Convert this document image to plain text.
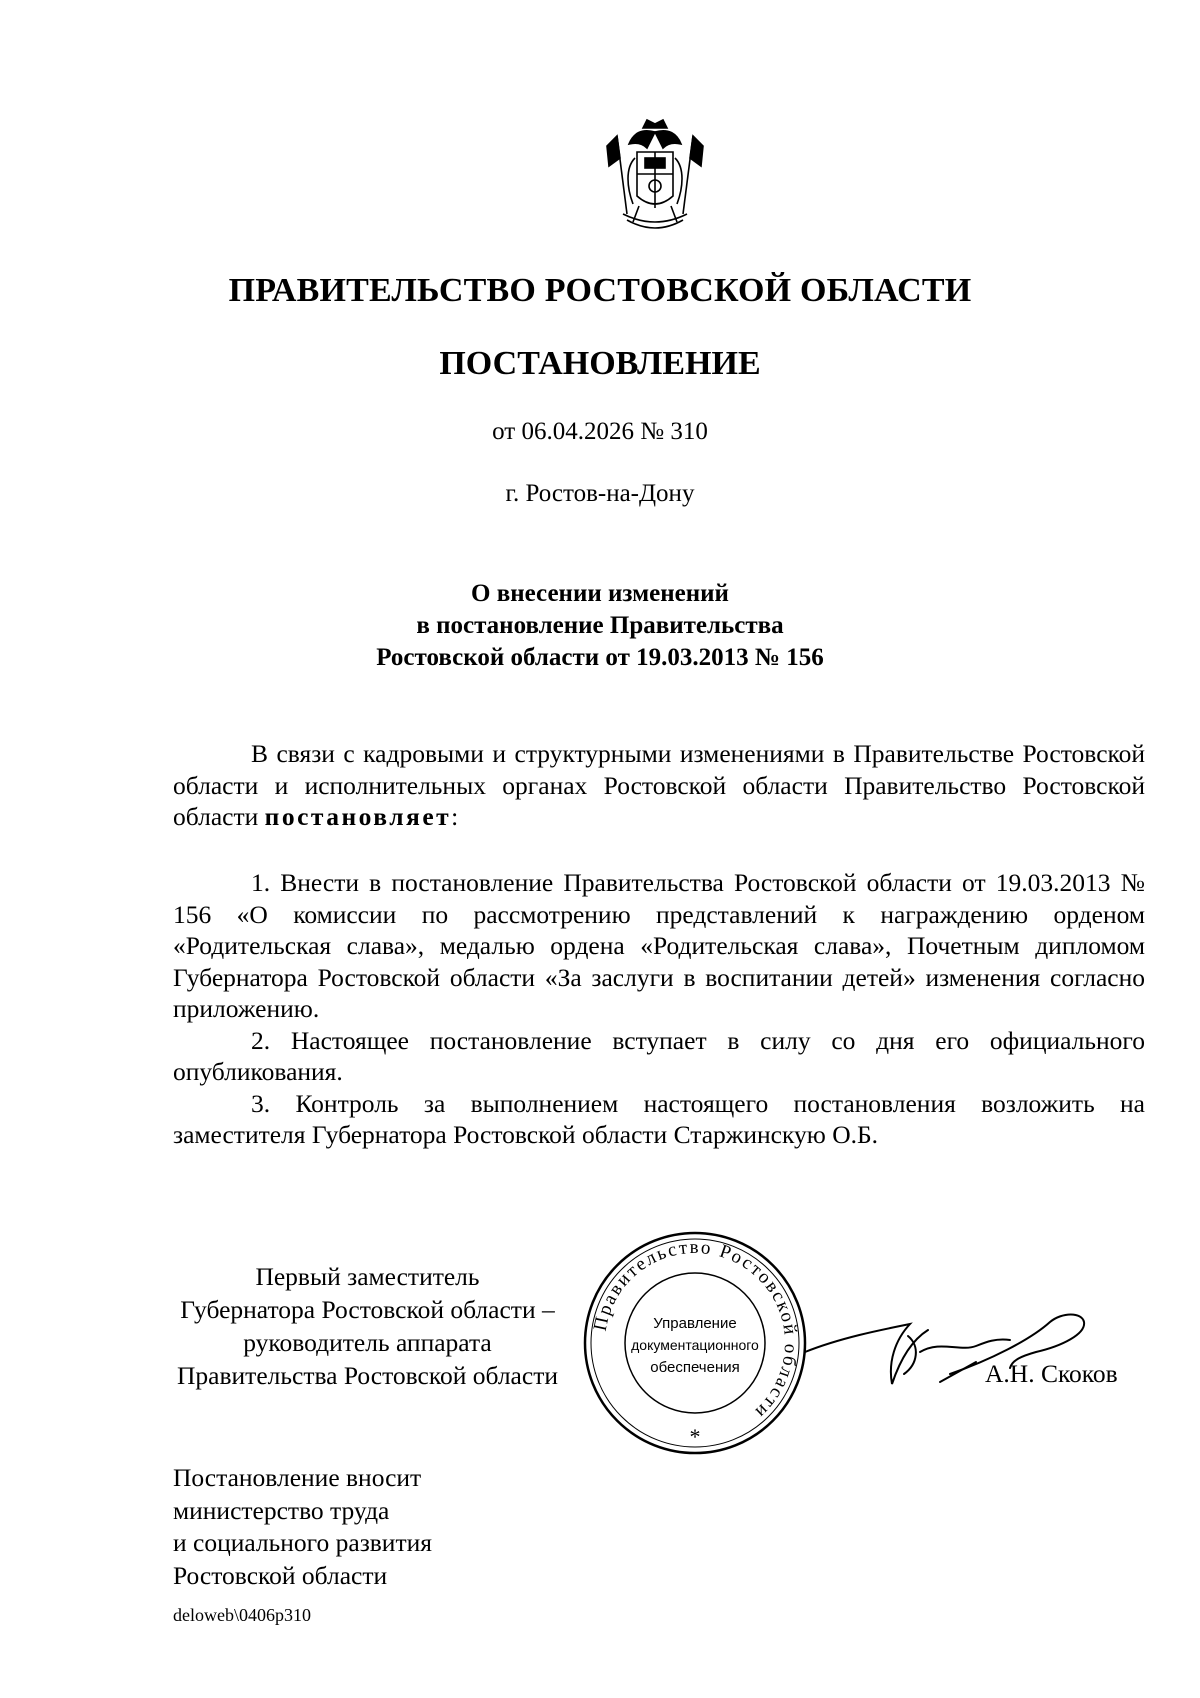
ПРАВИТЕЛЬСТВО РОСТОВСКОЙ ОБЛАСТИ
ПОСТАНОВЛЕНИЕ
от 06.04.2026 № 310
г. Ростов-на-Дону
О внесении изменений
в постановление Правительства
Ростовской области от 19.03.2013 № 156

В связи с кадровыми и структурными изменениями в Правительстве Ростовской области и исполнительных органах Ростовской области Правительство Ростовской области постановляет:

1. Внести в постановление Правительства Ростовской области от 19.03.2013 № 156 «О комиссии по рассмотрению представлений к награждению орденом «Родительская слава», медалью ордена «Родительская слава», Почетным дипломом Губернатора Ростовской области «За заслуги в воспитании детей» изменения согласно приложению.

2. Настоящее постановление вступает в силу со дня его официального опубликования.

3. Контроль за выполнением настоящего постановления возложить на заместителя Губернатора Ростовской области Старжинскую О.Б.

Первый заместитель
Губернатора Ростовской области –
руководитель аппарата
Правительства Ростовской области
Правительство Ростовской области
Управление
документационного
обеспечения
*
А.Н. Скоков
Постановление вносит
министерство труда
и социального развития
Ростовской области
deloweb\0406p310
